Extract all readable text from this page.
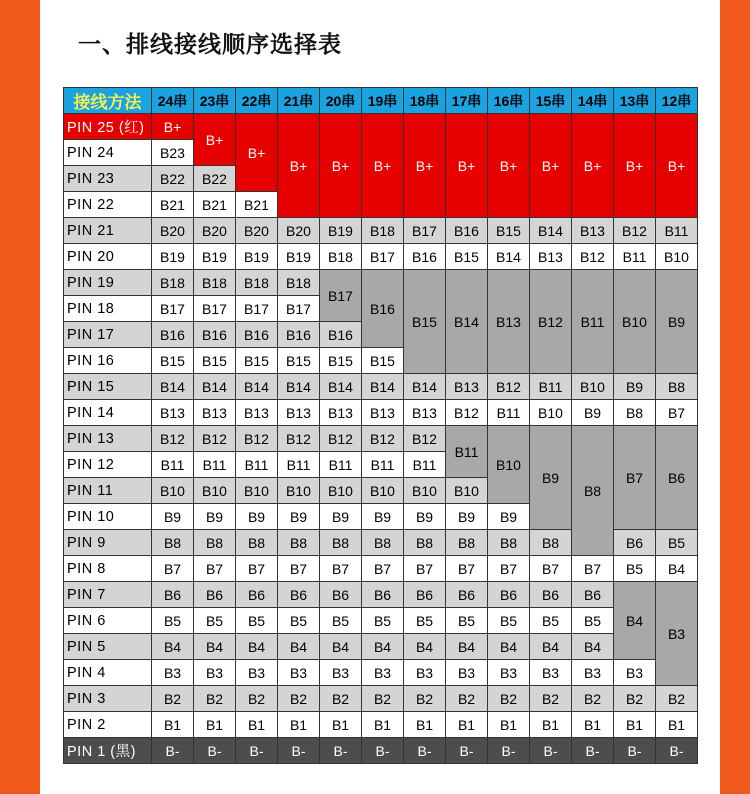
一、排线接线顺序选择表
接线方法	24串	23串	22串	21串	20串	19串	18串	17串	16串	15串	14串	13串	12串
PIN 25 (红)	B+	B+	B+	B+	B+	B+	B+	B+	B+	B+	B+	B+	B+
PIN 24	B23												
PIN 23	B22	B22											
PIN 22	B21	B21	B21										
PIN 21	B20	B20	B20	B20	B19	B18	B17	B16	B15	B14	B13	B12	B11
PIN 20	B19	B19	B19	B19	B18	B17	B16	B15	B14	B13	B12	B11	B10
PIN 19	B18	B18	B18	B18	B17	B16	B15	B14	B13	B12	B11	B10	B9
PIN 18	B17	B17	B17	B17									
PIN 17	B16	B16	B16	B16	B16								
PIN 16	B15	B15	B15	B15	B15	B15							
PIN 15	B14	B14	B14	B14	B14	B14	B14	B13	B12	B11	B10	B9	B8
PIN 14	B13	B13	B13	B13	B13	B13	B13	B12	B11	B10	B9	B8	B7
PIN 13	B12	B12	B12	B12	B12	B12	B12	B11	B10	B9	B8	B7	B6
PIN 12	B11	B11	B11	B11	B11	B11	B11						
PIN 11	B10	B10	B10	B10	B10	B10	B10	B10					
PIN 10	B9	B9	B9	B9	B9	B9	B9	B9	B9				
PIN 9	B8	B8	B8	B8	B8	B8	B8	B8	B8	B8		B6	B5
PIN 8	B7	B7	B7	B7	B7	B7	B7	B7	B7	B7	B7	B5	B4
PIN 7	B6	B6	B6	B6	B6	B6	B6	B6	B6	B6	B6	B4	B3
PIN 6	B5	B5	B5	B5	B5	B5	B5	B5	B5	B5	B5		
PIN 5	B4	B4	B4	B4	B4	B4	B4	B4	B4	B4	B4		
PIN 4	B3	B3	B3	B3	B3	B3	B3	B3	B3	B3	B3	B3	
PIN 3	B2	B2	B2	B2	B2	B2	B2	B2	B2	B2	B2	B2	B2
PIN 2	B1	B1	B1	B1	B1	B1	B1	B1	B1	B1	B1	B1	B1
PIN 1 (黑)	B-	B-	B-	B-	B-	B-	B-	B-	B-	B-	B-	B-	B-
